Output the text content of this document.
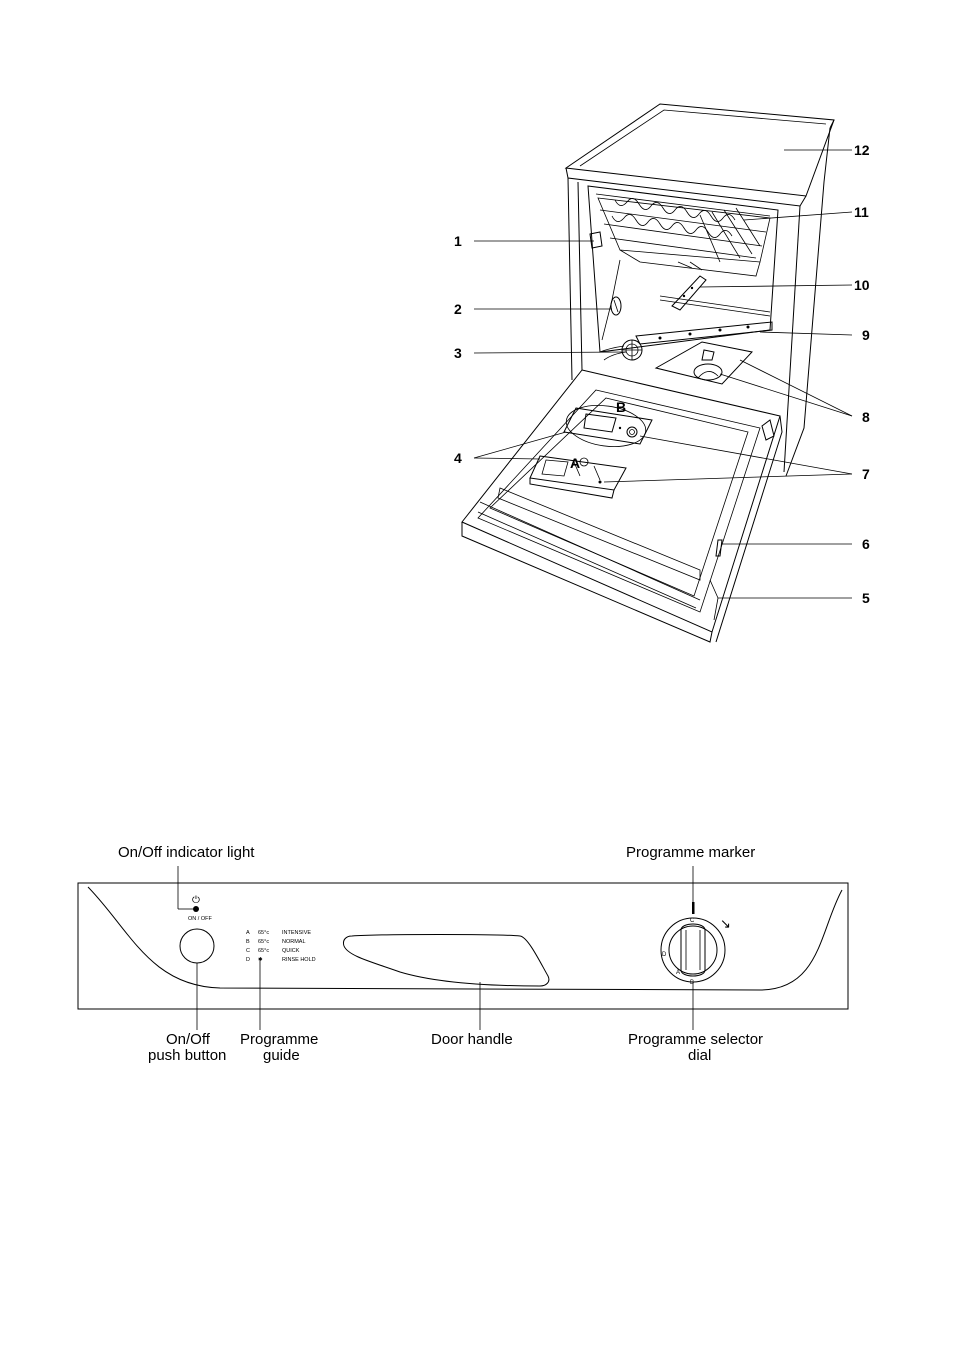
1
2
3
4
5
6
7
8
9
10
11
12
A
B
⏻
ON / OFF
A 65°c INTENSIVE
B 65°c NORMAL
C 65°c QUICK
D ✱	RINSE HOLD
C
D
A
B
↘
On/Off indicator light	Programme marker
On/Off
push button
Programme
guide
Door handle	Programme selector
dial
